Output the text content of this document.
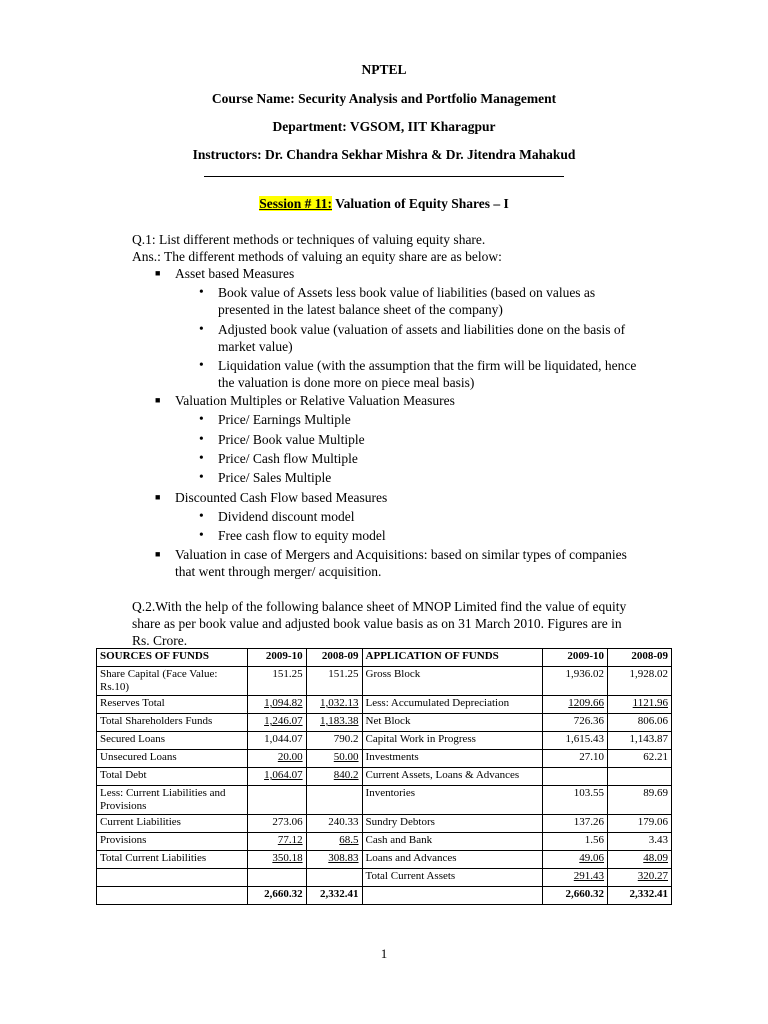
NPTEL
Course Name: Security Analysis and Portfolio Management
Department: VGSOM, IIT Kharagpur
Instructors: Dr. Chandra Sekhar Mishra & Dr. Jitendra Mahakud
Session # 11: Valuation of Equity Shares – I
Q.1: List different methods or techniques of valuing equity share.
Ans.: The different methods of valuing an equity share are as below:
■ Asset based Measures
• Book value of Assets less book value of liabilities (based on values as presented in the latest balance sheet of the company)
• Adjusted book value (valuation of assets and liabilities done on the basis of market value)
• Liquidation value (with the assumption that the firm will be liquidated, hence the valuation is done more on piece meal basis)
■ Valuation Multiples or Relative Valuation Measures
• Price/ Earnings Multiple
• Price/ Book value Multiple
• Price/ Cash flow Multiple
• Price/ Sales Multiple
■ Discounted Cash Flow based Measures
• Dividend discount model
• Free cash flow to equity model
■ Valuation in case of Mergers and Acquisitions: based on similar types of companies that went through merger/ acquisition.
Q.2.With the help of the following balance sheet of MNOP Limited find the value of equity share as per book value and adjusted book value basis as on 31 March 2010. Figures are in Rs. Crore.
SOURCES OF FUNDS	2009-10	2008-09	APPLICATION OF FUNDS	2009-10	2008-09
Share Capital (Face Value: Rs.10)	151.25	151.25	Gross Block	1,936.02	1,928.02
Reserves Total	1,094.82	1,032.13	Less: Accumulated Depreciation	1209.66	1121.96
Total Shareholders Funds	1,246.07	1,183.38	Net Block	726.36	806.06
Secured Loans	1,044.07	790.2	Capital Work in Progress	1,615.43	1,143.87
Unsecured Loans	20.00	50.00	Investments	27.10	62.21
Total Debt	1,064.07	840.2	Current Assets, Loans & Advances		
Less: Current Liabilities and Provisions			Inventories	103.55	89.69
Current Liabilities	273.06	240.33	Sundry Debtors	137.26	179.06
Provisions	77.12	68.5	Cash and Bank	1.56	3.43
Total Current Liabilities	350.18	308.83	Loans and Advances	49.06	48.09
			Total Current Assets	291.43	320.27
	2,660.32	2,332.41		2,660.32	2,332.41
1
